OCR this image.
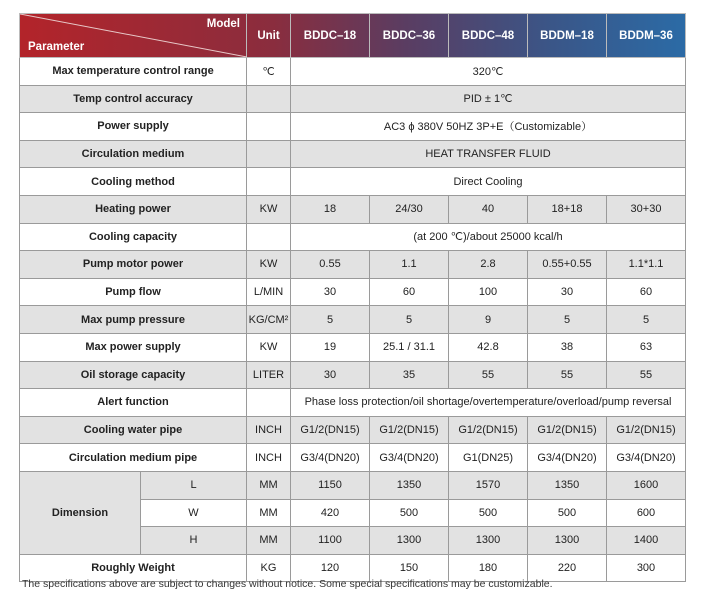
Model
Parameter		Unit	BDDC–18	BDDC–36	BDDC–48	BDDM–18	BDDM–36
Max temperature control range		℃	320℃				
Temp control accuracy			PID ± 1℃				
Power supply			AC3 ϕ 380V 50HZ 3P+E（Customizable）				
Circulation medium			HEAT TRANSFER FLUID				
Cooling method			Direct Cooling				
Heating power		KW	18	24/30	40	18+18	30+30
Cooling capacity			(at 200 ℃)/about 25000 kcal/h				
Pump motor power		KW	0.55	1.1	2.8	0.55+0.55	1.1*1.1
Pump flow		L/MIN	30	60	100	30	60
Max pump pressure		KG/CM²	5	5	9	5	5
Max power supply		KW	19	25.1 / 31.1	42.8	38	63
Oil storage capacity		LITER	30	35	55	55	55
Alert function			Phase loss protection/oil shortage/overtemperature/overload/pump reversal				
Cooling water pipe		INCH	G1/2(DN15)	G1/2(DN15)	G1/2(DN15)	G1/2(DN15)	G1/2(DN15)
Circulation medium pipe		INCH	G3/4(DN20)	G3/4(DN20)	G1(DN25)	G3/4(DN20)	G3/4(DN20)
Dimension	L	MM	1150	1350	1570	1350	1600
	W	MM	420	500	500	500	600
	H	MM	1100	1300	1300	1300	1400
Roughly Weight		KG	120	150	180	220	300
The specifications above are subject to changes without notice. Some special specifications may be customizable.
